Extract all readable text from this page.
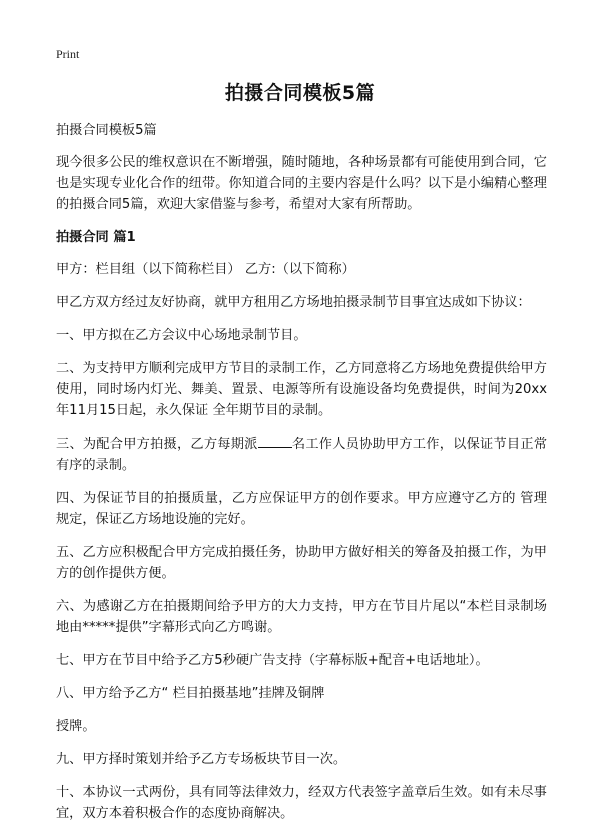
Print
拍摄合同模板5篇

拍摄合同模板5篇

现今很多公民的维权意识在不断增强，随时随地，各种场景都有可能使用到合同，它也是实现专业化合作的纽带。你知道合同的主要内容是什么吗？以下是小编精心整理的拍摄合同5篇，欢迎大家借鉴与参考，希望对大家有所帮助。

拍摄合同 篇1

甲方：栏目组（以下简称栏目） 乙方:（以下简称）

甲乙方双方经过友好协商，就甲方租用乙方场地拍摄录制节目事宜达成如下协议：

一、甲方拟在乙方会议中心场地录制节目。

二、为支持甲方顺利完成甲方节目的录制工作，乙方同意将乙方场地免费提供给甲方使用，同时场内灯光、舞美、置景、电源等所有设施设备均免费提供，时间为20xx年11月15日起，永久保证 全年期节目的录制。

三、为配合甲方拍摄，乙方每期派	名工作人员协助甲方工作，以保证节目正常有序的录制。

四、为保证节目的拍摄质量，乙方应保证甲方的创作要求。甲方应遵守乙方的 管理规定，保证乙方场地设施的完好。

五、乙方应积极配合甲方完成拍摄任务，协助甲方做好相关的筹备及拍摄工作，为甲方的创作提供方便。

六、为感谢乙方在拍摄期间给予甲方的大力支持，甲方在节目片尾以“本栏目录制场地由*****提供”字幕形式向乙方鸣谢。

七、甲方在节目中给予乙方5秒硬广告支持（字幕标版+配音+电话地址）。

八、甲方给予乙方“ 栏目拍摄基地”挂牌及铜牌

授牌。

九、甲方择时策划并给予乙方专场板块节目一次。

十、本协议一式两份，具有同等法律效力，经双方代表签字盖章后生效。如有未尽事宜，双方本着积极合作的态度协商解决。
